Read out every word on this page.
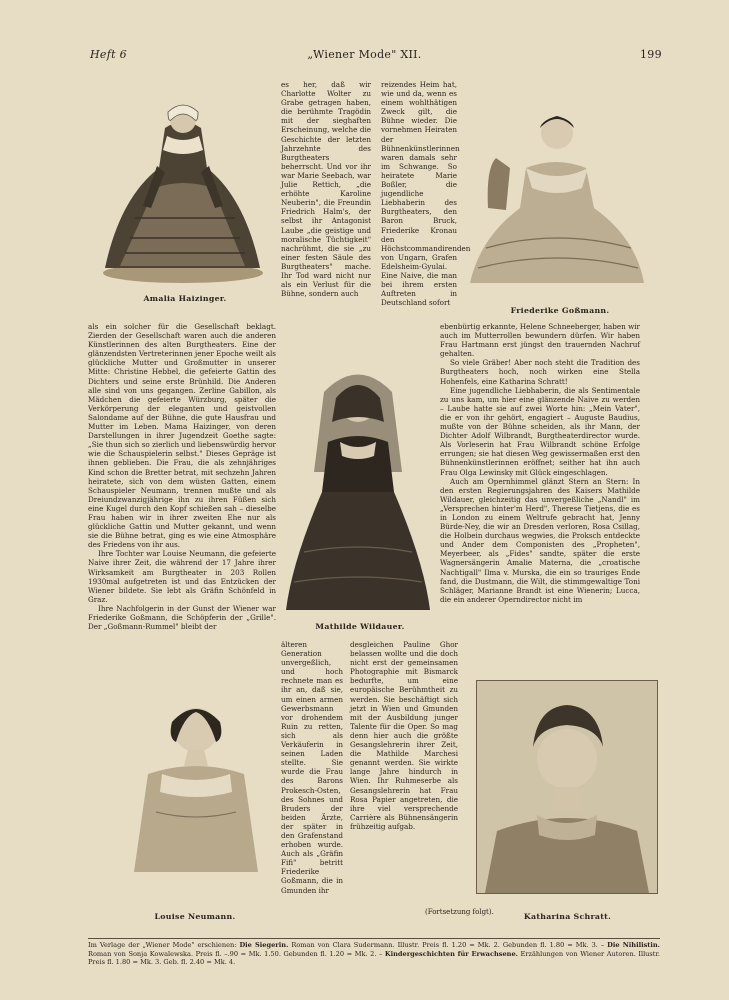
Heft 6	„Wiener Mode" XII.	199
Amalia Haizinger.

es her, daß wir Charlotte Wolter zu Grabe getragen haben, die berühmte Tragödin mit der sieghaften Erscheinung, welche die Geschichte der letzten Jahrzehnte des Burgtheaters beherrscht. Und vor ihr war Marie Seebach, war Julie Rettich, „die erhöhte Karoline Neuberin", die Freundin Friedrich Halm's, der selbst ihr Antagonist Laube „die geistige und moralische Tüchtigkeit" nachrühmt, die sie „zu einer festen Säule des Burgtheaters" mache. Ihr Tod ward nicht nur als ein Verlust für die Bühne, sondern auch

reizendes Heim hat, wie und da, wenn es einem wohlthätigen Zweck gilt, die Bühne wieder. Die vornehmen Heiraten der Bühnenkünstlerinnen waren damals sehr im Schwange. So heiratete Marie Boßler, die jugendliche Liebhaberin des Burgtheaters, den Baron Bruck, Friederike Kronau den Höchstcommandirenden von Ungarn, Grafen Edelsheim-Gyulai. Eine Naive, die man bei ihrem ersten Auftreten in Deutschland sofort

Friederike Goßmann.

als ein solcher für die Gesellschaft beklagt. Zierden der Gesellschaft waren auch die anderen Künstlerinnen des alten Burgtheaters. Eine der glänzendsten Vertreterinnen jener Epoche weilt als glückliche Mutter und Großmutter in unserer Mitte: Christine Hebbel, die gefeierte Gattin des Dichters und seine erste Brünhild. Die Anderen alle sind von uns gegangen. Zerline Gabillon, als Mädchen die gefeierte Würzburg, später die Verkörperung der eleganten und geistvollen Salondame auf der Bühne, die gute Hausfrau und Mutter im Leben. Mama Haizinger, von deren Darstellungen in ihrer Jugendzeit Goethe sagte: „Sie thun sich so zierlich und liebenswürdig hervor wie die Schauspielerin selbst." Dieses Gepräge ist ihnen geblieben. Die Frau, die als zehnjähriges Kind schon die Bretter betrat, mit sechzehn Jahren heiratete, sich von dem wüsten Gatten, einem Schauspieler Neumann, trennen mußte und als Dreiundzwanzigjährige ihn zu ihren Füßen sich eine Kugel durch den Kopf schießen sah – dieselbe Frau haben wir in ihrer zweiten Ehe nur als glückliche Gattin und Mutter gekannt, und wenn sie die Bühne betrat, ging es wie eine Atmosphäre des Friedens von ihr aus.

Ihre Tochter war Louise Neumann, die gefeierte Naive ihrer Zeit, die während der 17 Jahre ihrer Wirksamkeit am Burgtheater in 203 Rollen 1930mal aufgetreten ist und das Entzücken der Wiener bildete. Sie lebt als Gräfin Schönfeld in Graz.

Ihre Nachfolgerin in der Gunst der Wiener war Friederike Goßmann, die Schöpferin der „Grille". Der „Goßmann-Rummel" bleibt der	Mathilde Wildauer.

ebenbürtig erkannte, Helene Schneeberger, haben wir auch im Mutterrollen bewundern dürfen. Wir haben Frau Hartmann erst jüngst den trauernden Nachruf gehalten.

So viele Gräber! Aber noch steht die Tradition des Burgtheaters hoch, noch wirken eine Stella Hohenfels, eine Katharina Schratt!

Eine jugendliche Liebhaberin, die als Sentimentale zu uns kam, um hier eine glänzende Naive zu werden – Laube hatte sie auf zwei Worte hin: „Mein Vater", die er von ihr gehört, engagiert – Auguste Baudius, mußte von der Bühne scheiden, als ihr Mann, der Dichter Adolf Wilbrandt, Burgtheaterdirector wurde. Als Vorleserin hat Frau Wilbrandt schöne Erfolge errungen; sie hat diesen Weg gewissermaßen erst den Bühnenkünstlerinnen eröffnet; seither hat ihn auch Frau Olga Lewinsky mit Glück eingeschlagen.

Auch am Opernhimmel glänzt Stern an Stern: In den ersten Regierungsjahren des Kaisers Mathilde Wildauer, gleichzeitig das unvergeßliche „Nandl" im „Versprechen hinter'm Herd", Therese Tietjens, die es in London zu einem Weltrufe gebracht hat, Jenny Bürde-Ney, die wir an Dresden verloren, Rosa Csillag, die Holbein durchaus wegwies, die Proksch entdeckte und Ander dem Componisten des „Propheten", Meyerbeer, als „Fides" sandte, später die erste Wagnersängerin Amalie Materna, die „croatische Nachtigall" Ilma v. Murska, die ein so trauriges Ende fand, die Dustmann, die Wilt, die stimmgewaltige Toni Schläger, Marianne Brandt ist eine Wienerin; Lucca, die ein anderer Operndirector nicht im

Louise Neumann.

älteren Generation unvergeßlich, und hoch rechnete man es ihr an, daß sie, um einen armen Gewerbsmann vor drohendem Ruin zu retten, sich als Verkäuferin in seinen Laden stellte. Sie wurde die Frau des Barons Prokesch-Osten, des Sohnes und Bruders der beiden Ärzte, der später in den Grafenstand erhoben wurde. Auch als „Gräfin Fifi" betritt Friederike Goßmann, die in Gmunden ihr

desgleichen Pauline Ghor belassen wollte und die doch nicht erst der gemeinsamen Photographie mit Bismarck bedurfte, um eine europäische Berühmtheit zu werden. Sie beschäftigt sich jetzt in Wien und Gmunden mit der Ausbildung junger Talente für die Oper. So mag denn hier auch die größte Gesangslehrerin ihrer Zeit, die Mathilde Marchesi genannt werden. Sie wirkte lange Jahre hindurch in Wien. Ihr Ruhmeserbe als Gesangslehrerin hat Frau Rosa Papier angetreten, die ihre viel versprechende Carrière als Bühnensängerin frühzeitig aufgab.

(Fortsetzung folgt).	Katharina Schratt.
Im Verlage der „Wiener Mode" erschienen: Die Siegerin. Roman von Clara Sudermann. Illustr. Preis fl. 1.20 = Mk. 2. Gebunden fl. 1.80 = Mk. 3. – Die Nihilistin. Roman von Sonja Kowalewska. Preis fl. –.90 = Mk. 1.50. Gebunden fl. 1.20 = Mk. 2. – Kindergeschichten für Erwachsene. Erzählungen von Wiener Autoren. Illustr. Preis fl. 1.80 = Mk. 3. Geb. fl. 2.40 = Mk. 4.
